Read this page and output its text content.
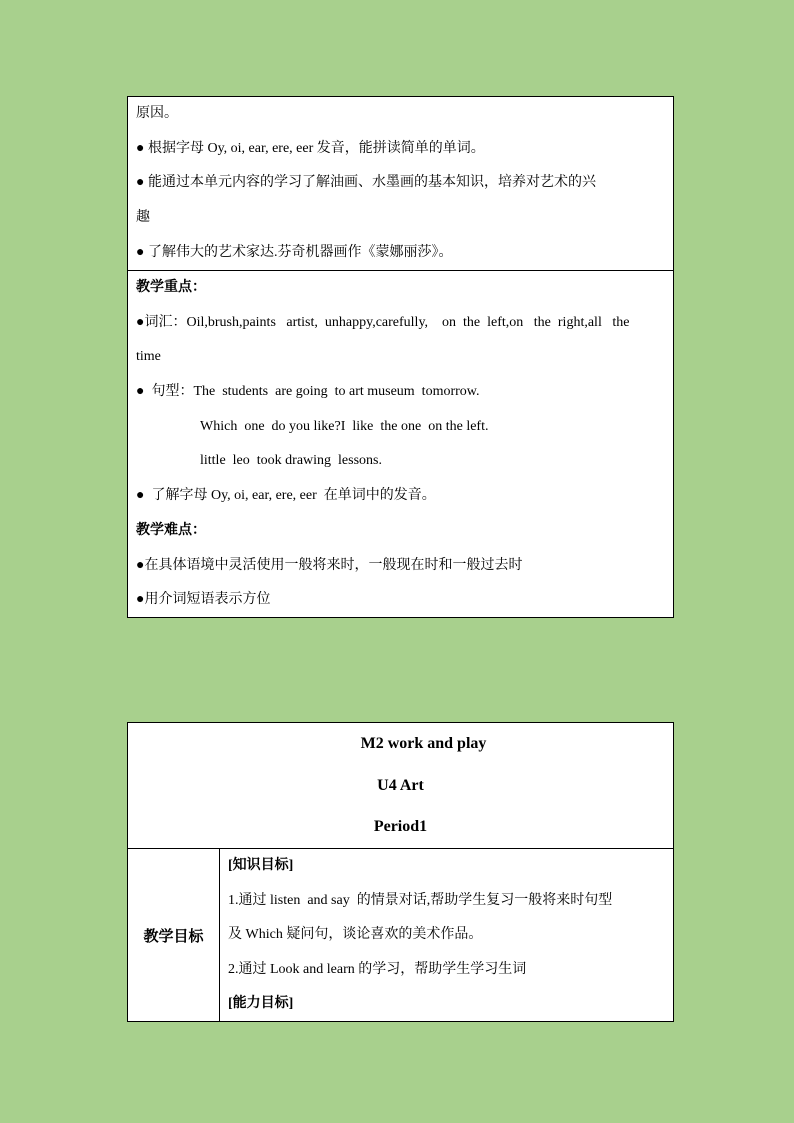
原因。
● 根据字母 Oy, oi, ear, ere, eer 发音，能拼读简单的单词。
● 能通过本单元内容的学习了解油画、水墨画的基本知识，培养对艺术的兴
趣
● 了解伟大的艺术家达.芬奇机器画作《蒙娜丽莎》。
教学重点：
●词汇：Oil,brush,paints   artist,  unhappy,carefully,    on  the  left,on   the  right,all   the
time
●  句型：The  students  are going  to art museum  tomorrow.
Which  one  do you like?I  like  the one  on the left.
little  leo  took drawing  lessons.
●  了解字母 Oy, oi, ear, ere, eer  在单词中的发音。
教学难点：
●在具体语境中灵活使用一般将来时，一般现在时和一般过去时
●用介词短语表示方位
M2 work and play
U4 Art
Period1
教学目标
[知识目标]
1.通过 listen  and say  的情景对话,帮助学生复习一般将来时句型
及 Which 疑问句，谈论喜欢的美术作品。
2.通过 Look and learn 的学习，帮助学生学习生词
[能力目标]
